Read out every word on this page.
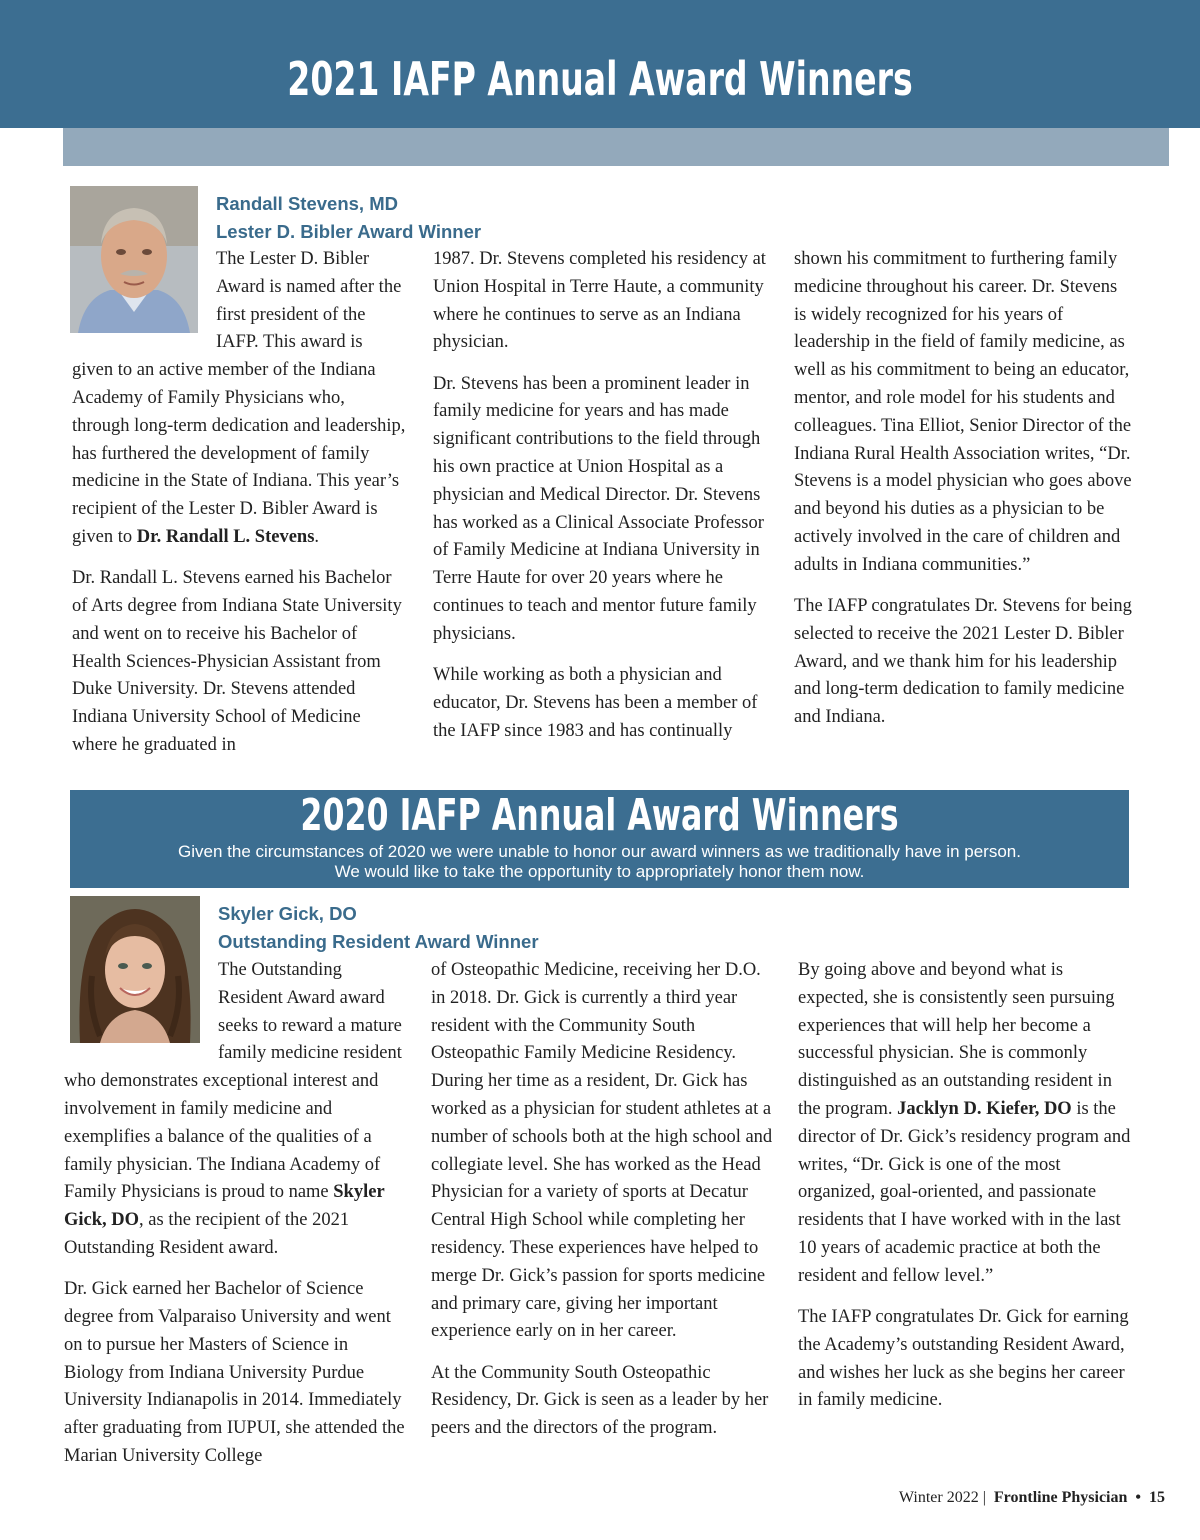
2021 IAFP Annual Award Winners
Randall Stevens, MD
Lester D. Bibler Award Winner

The Lester D. Bibler Award is named after the first president of the IAFP. This award is given to an active member of the Indiana Academy of Family Physicians who, through long-term dedication and leadership, has furthered the development of family medicine in the State of Indiana. This year’s recipient of the Lester D. Bibler Award is given to Dr. Randall L. Stevens.

Dr. Randall L. Stevens earned his Bachelor of Arts degree from Indiana State University and went on to receive his Bachelor of Health Sciences-Physician Assistant from Duke University. Dr. Stevens attended Indiana University School of Medicine where he graduated in

1987. Dr. Stevens completed his residency at Union Hospital in Terre Haute, a community where he continues to serve as an Indiana physician.

Dr. Stevens has been a prominent leader in family medicine for years and has made significant contributions to the field through his own practice at Union Hospital as a physician and Medical Director. Dr. Stevens has worked as a Clinical Associate Professor of Family Medicine at Indiana University in Terre Haute for over 20 years where he continues to teach and mentor future family physicians.

While working as both a physician and educator, Dr. Stevens has been a member of the IAFP since 1983 and has continually

shown his commitment to furthering family medicine throughout his career. Dr. Stevens is widely recognized for his years of leadership in the field of family medicine, as well as his commitment to being an educator, mentor, and role model for his students and colleagues. Tina Elliot, Senior Director of the Indiana Rural Health Association writes, “Dr. Stevens is a model physician who goes above and beyond his duties as a physician to be actively involved in the care of children and adults in Indiana communities.”

The IAFP congratulates Dr. Stevens for being selected to receive the 2021 Lester D. Bibler Award, and we thank him for his leadership and long-term dedication to family medicine and Indiana.

2020 IAFP Annual Award Winners
Given the circumstances of 2020 we were unable to honor our award winners as we traditionally have in person.
We would like to take the opportunity to appropriately honor them now.
Skyler Gick, DO
Outstanding Resident Award Winner

The Outstanding Resident Award award seeks to reward a mature family medicine resident who demonstrates exceptional interest and involvement in family medicine and exemplifies a balance of the qualities of a family physician. The Indiana Academy of Family Physicians is proud to name Skyler Gick, DO, as the recipient of the 2021 Outstanding Resident award.

Dr. Gick earned her Bachelor of Science degree from Valparaiso University and went on to pursue her Masters of Science in Biology from Indiana University Purdue University Indianapolis in 2014. Immediately after graduating from IUPUI, she attended the Marian University College

of Osteopathic Medicine, receiving her D.O. in 2018. Dr. Gick is currently a third year resident with the Community South Osteopathic Family Medicine Residency. During her time as a resident, Dr. Gick has worked as a physician for student athletes at a number of schools both at the high school and collegiate level. She has worked as the Head Physician for a variety of sports at Decatur Central High School while completing her residency. These experiences have helped to merge Dr. Gick’s passion for sports medicine and primary care, giving her important experience early on in her career.

At the Community South Osteopathic Residency, Dr. Gick is seen as a leader by her peers and the directors of the program.

By going above and beyond what is expected, she is consistently seen pursuing experiences that will help her become a successful physician. She is commonly distinguished as an outstanding resident in the program. Jacklyn D. Kiefer, DO is the director of Dr. Gick’s residency program and writes, “Dr. Gick is one of the most organized, goal-oriented, and passionate residents that I have worked with in the last 10 years of academic practice at both the resident and fellow level.”

The IAFP congratulates Dr. Gick for earning the Academy’s outstanding Resident Award, and wishes her luck as she begins her career in family medicine.

Winter 2022 | Frontline Physician • 15
